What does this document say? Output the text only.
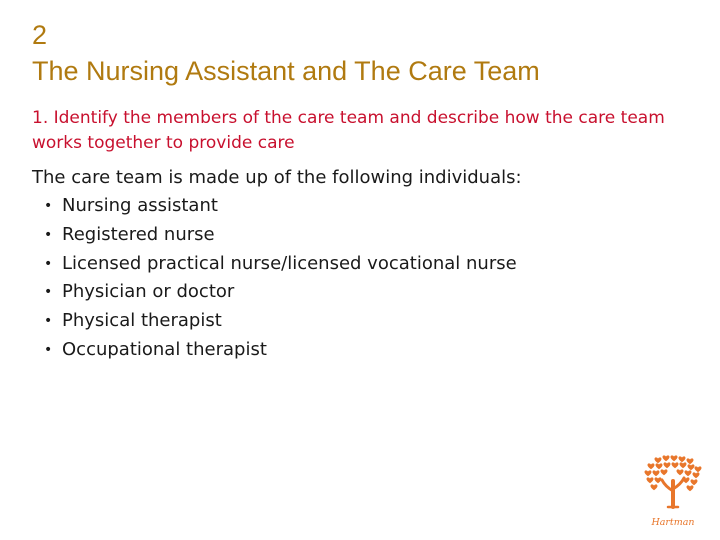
2
The Nursing Assistant and The Care Team
1. Identify the members of the care team and describe how the care team works together to provide care
The care team is made up of the following individuals:
• Nursing assistant
• Registered nurse
• Licensed practical nurse/licensed vocational nurse
• Physician or doctor
• Physical therapist
• Occupational therapist
Hartman
